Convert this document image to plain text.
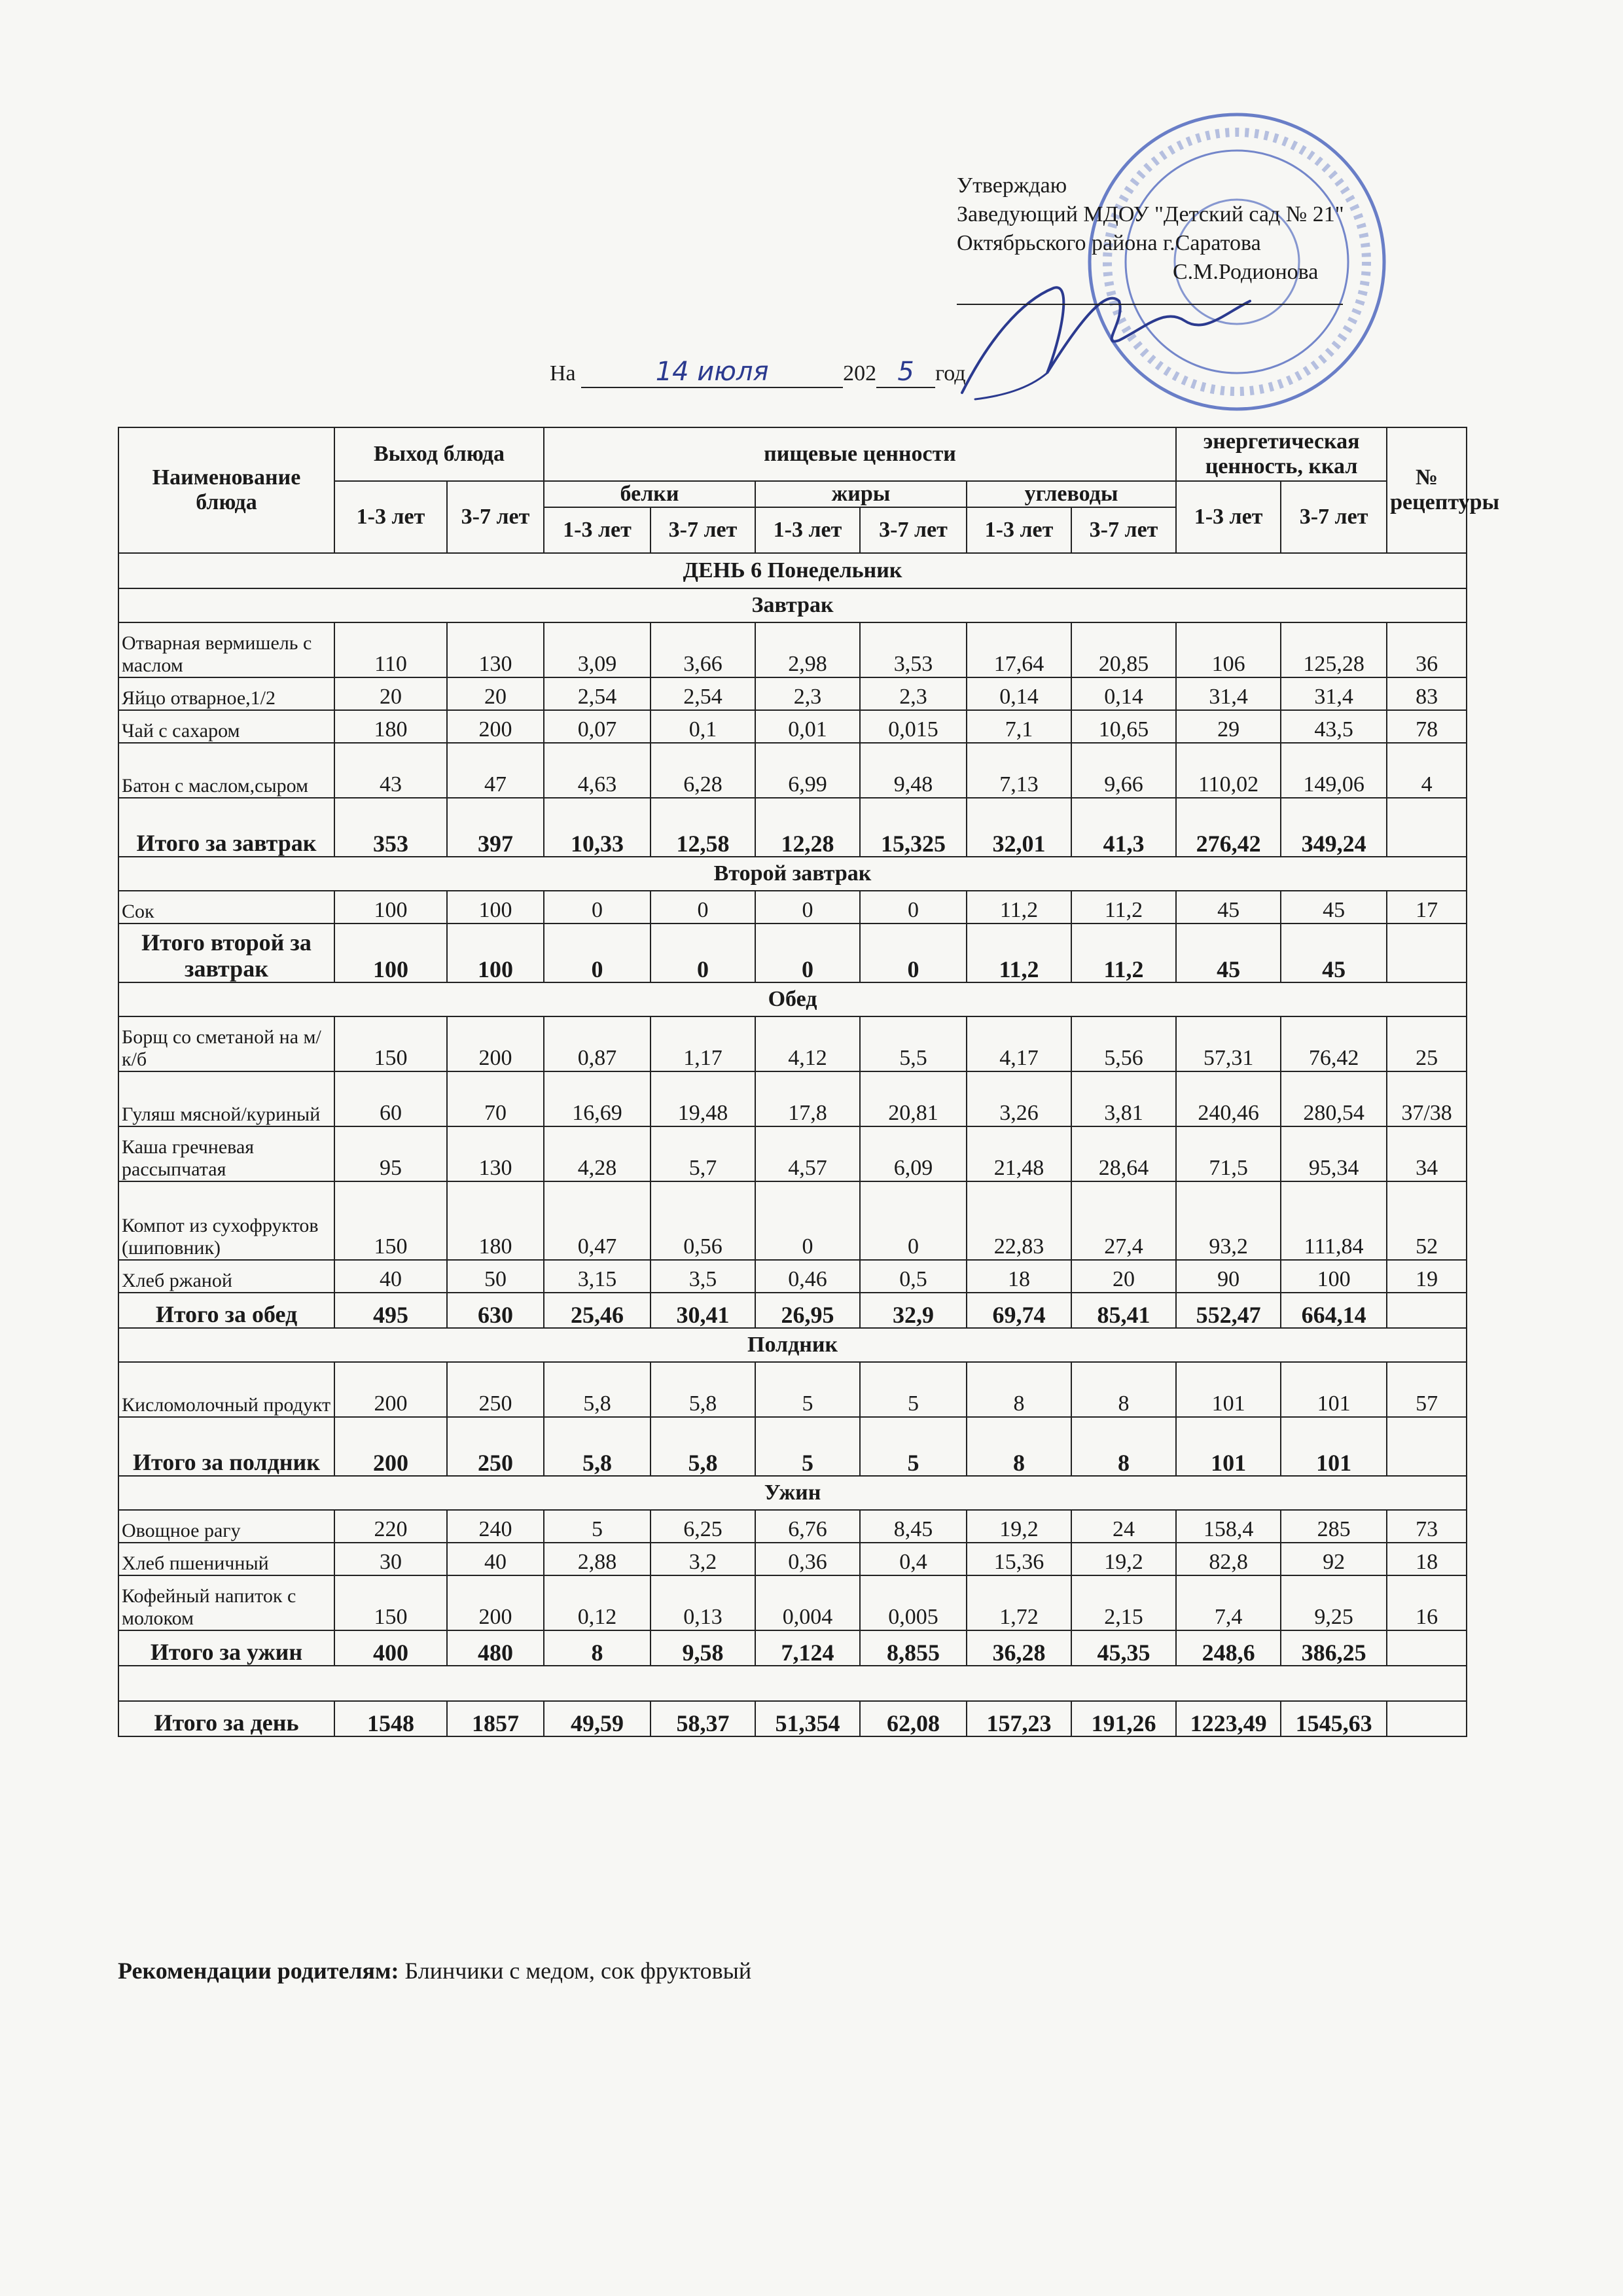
Утверждаю
Заведующий МДОУ "Детский сад № 21"
Октябрьского района г.Саратова
С.М.Родионова
На	14 июля	202 5 год
Наименование блюда	Выход блюда		пищевые ценности						энергетическая ценность, ккал		№ рецептуры
	1-3 лет	3-7 лет	белки		жиры		углеводы		1-3 лет	3-7 лет	
			1-3 лет	3-7 лет	1-3 лет	3-7 лет	1-3 лет	3-7 лет			
ДЕНЬ 6 Понедельник											
Завтрак											
Отварная вермишель с маслом	110	130	3,09	3,66	2,98	3,53	17,64	20,85	106	125,28	36
Яйцо отварное,1/2	20	20	2,54	2,54	2,3	2,3	0,14	0,14	31,4	31,4	83
Чай с сахаром	180	200	0,07	0,1	0,01	0,015	7,1	10,65	29	43,5	78
Батон с маслом,сыром	43	47	4,63	6,28	6,99	9,48	7,13	9,66	110,02	149,06	4
Итого за завтрак	353	397	10,33	12,58	12,28	15,325	32,01	41,3	276,42	349,24	
Второй завтрак											
Сок	100	100	0	0	0	0	11,2	11,2	45	45	17
Итого второй за завтрак	100	100	0	0	0	0	11,2	11,2	45	45	
Обед											
Борщ со сметаной на м/к/б	150	200	0,87	1,17	4,12	5,5	4,17	5,56	57,31	76,42	25
Гуляш мясной/куриный	60	70	16,69	19,48	17,8	20,81	3,26	3,81	240,46	280,54	37/38
Каша гречневая рассыпчатая	95	130	4,28	5,7	4,57	6,09	21,48	28,64	71,5	95,34	34
Компот из сухофруктов (шиповник)	150	180	0,47	0,56	0	0	22,83	27,4	93,2	111,84	52
Хлеб ржаной	40	50	3,15	3,5	0,46	0,5	18	20	90	100	19
Итого за обед	495	630	25,46	30,41	26,95	32,9	69,74	85,41	552,47	664,14	
Полдник											
Кисломолочный продукт	200	250	5,8	5,8	5	5	8	8	101	101	57
Итого за полдник	200	250	5,8	5,8	5	5	8	8	101	101	
Ужин											
Овощное рагу	220	240	5	6,25	6,76	8,45	19,2	24	158,4	285	73
Хлеб пшеничный	30	40	2,88	3,2	0,36	0,4	15,36	19,2	82,8	92	18
Кофейный напиток с молоком	150	200	0,12	0,13	0,004	0,005	1,72	2,15	7,4	9,25	16
Итого за ужин	400	480	8	9,58	7,124	8,855	36,28	45,35	248,6	386,25	

Итого за день	1548	1857	49,59	58,37	51,354	62,08	157,23	191,26	1223,49	1545,63	
Рекомендации родителям: Блинчики с медом, сок фруктовый
